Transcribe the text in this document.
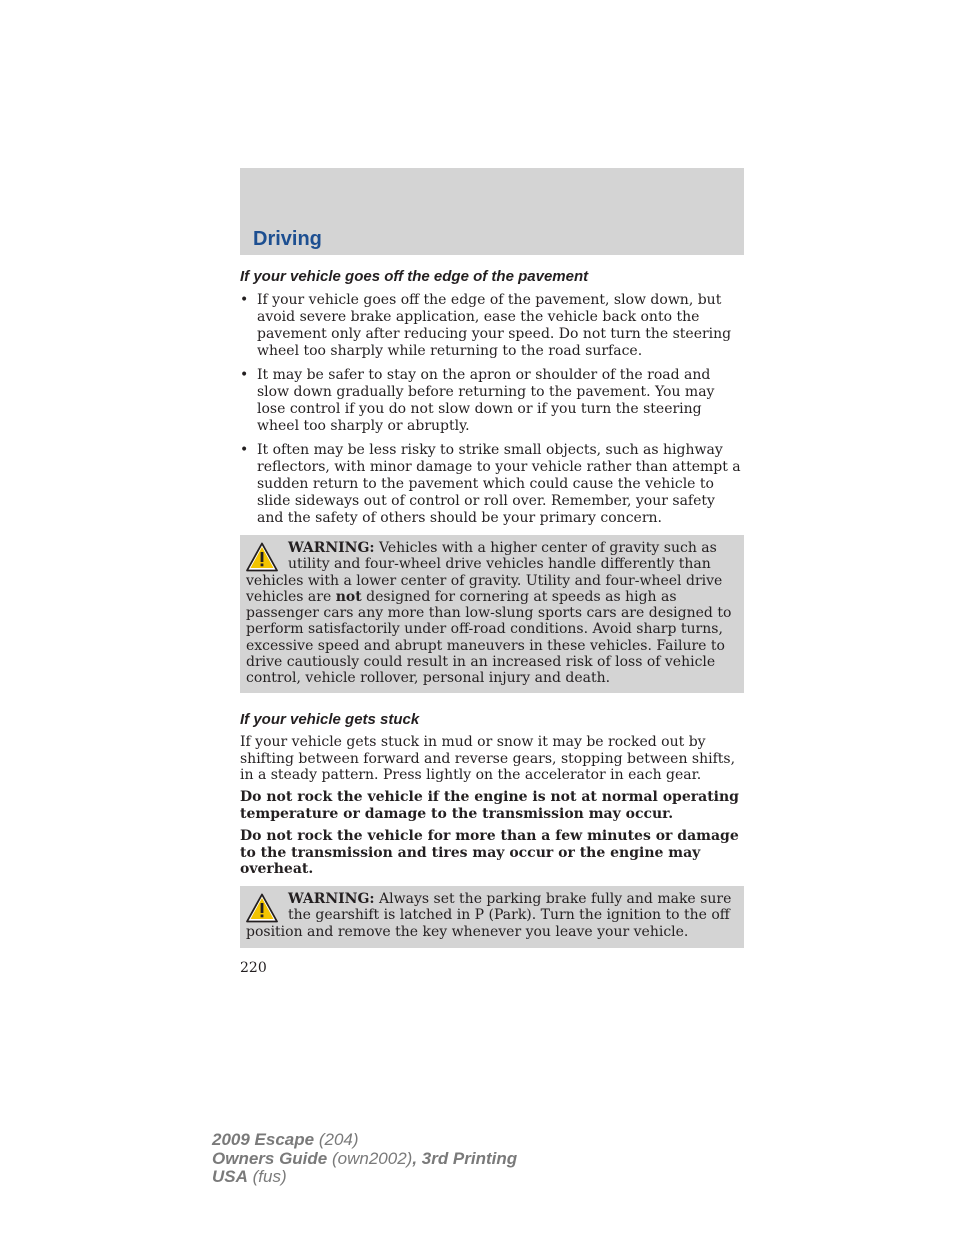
Driving
If your vehicle goes off the edge of the pavement
• If your vehicle goes off the edge of the pavement, slow down, but avoid severe brake application, ease the vehicle back onto the pavement only after reducing your speed. Do not turn the steering wheel too sharply while returning to the road surface.
• It may be safer to stay on the apron or shoulder of the road and slow down gradually before returning to the pavement. You may lose control if you do not slow down or if you turn the steering wheel too sharply or abruptly.
• It often may be less risky to strike small objects, such as highway reflectors, with minor damage to your vehicle rather than attempt a sudden return to the pavement which could cause the vehicle to slide sideways out of control or roll over. Remember, your safety and the safety of others should be your primary concern.
WARNING: Vehicles with a higher center of gravity such as utility and four-wheel drive vehicles handle differently than vehicles with a lower center of gravity. Utility and four-wheel drive vehicles are not designed for cornering at speeds as high as passenger cars any more than low-slung sports cars are designed to perform satisfactorily under off-road conditions. Avoid sharp turns, excessive speed and abrupt maneuvers in these vehicles. Failure to drive cautiously could result in an increased risk of loss of vehicle control, vehicle rollover, personal injury and death.
If your vehicle gets stuck

If your vehicle gets stuck in mud or snow it may be rocked out by shifting between forward and reverse gears, stopping between shifts, in a steady pattern. Press lightly on the accelerator in each gear.

Do not rock the vehicle if the engine is not at normal operating temperature or damage to the transmission may occur.

Do not rock the vehicle for more than a few minutes or damage to the transmission and tires may occur or the engine may overheat.

WARNING: Always set the parking brake fully and make sure the gearshift is latched in P (Park). Turn the ignition to the off position and remove the key whenever you leave your vehicle.
220
2009 Escape (204)
Owners Guide (own2002), 3rd Printing
USA (fus)
